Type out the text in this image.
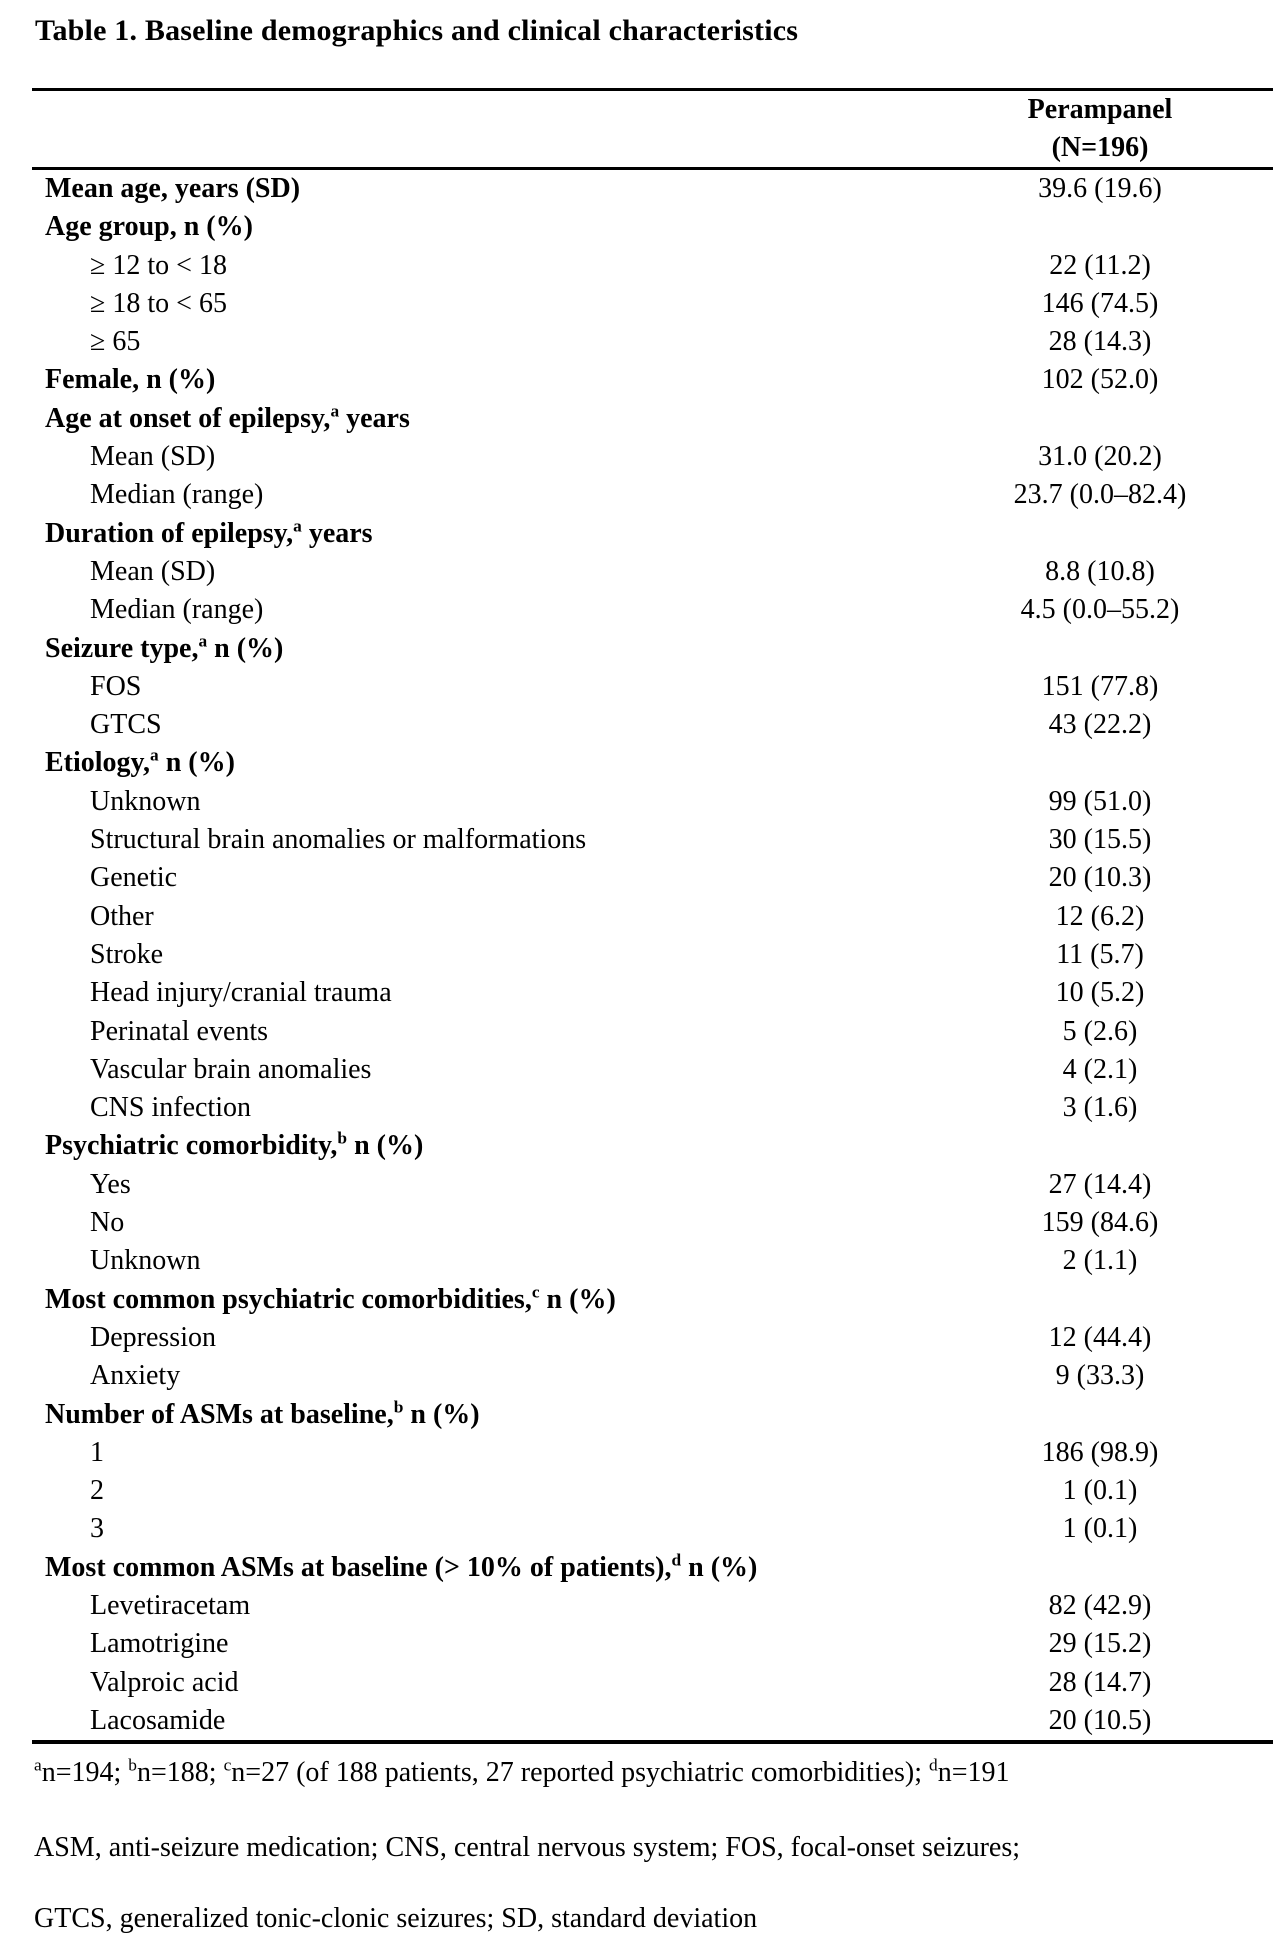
Table 1. Baseline demographics and clinical characteristics

	Perampanel
(N=196)

Mean age, years (SD)	39.6 (19.6)
Age group, n (%)	
≥ 12 to < 18	22 (11.2)
≥ 18 to < 65	146 (74.5)
≥ 65	28 (14.3)
Female, n (%)	102 (52.0)
Age at onset of epilepsy,$^a$ years	
Mean (SD)	31.0 (20.2)
Median (range)	23.7 (0.0–82.4)
Duration of epilepsy,$^a$ years	
Mean (SD)	8.8 (10.8)
Median (range)	4.5 (0.0–55.2)
Seizure type,$^a$ n (%)	
FOS	151 (77.8)
GTCS	43 (22.2)
Etiology,$^a$ n (%)	
Unknown	99 (51.0)
Structural brain anomalies or malformations	30 (15.5)
Genetic	20 (10.3)
Other	12 (6.2)
Stroke	11 (5.7)
Head injury/cranial trauma	10 (5.2)
Perinatal events	5 (2.6)
Vascular brain anomalies	4 (2.1)
CNS infection	3 (1.6)
Psychiatric comorbidity,$^b$ n (%)	
Yes	27 (14.4)
No	159 (84.6)
Unknown	2 (1.1)
Most common psychiatric comorbidities,$^c$ n (%)	
Depression	12 (44.4)
Anxiety	9 (33.3)
Number of ASMs at baseline,$^b$ n (%)	
1	186 (98.9)
2	1 (0.1)
3	1 (0.1)
Most common ASMs at baseline (> 10% of patients),$^d$ n (%)	
Levetiracetam	82 (42.9)
Lamotrigine	29 (15.2)
Valproic acid	28 (14.7)
Lacosamide	20 (10.5)
$^a$n=194; $^b$n=188; $^c$n=27 (of 188 patients, 27 reported psychiatric comorbidities); $^d$n=191
ASM, anti-seizure medication; CNS, central nervous system; FOS, focal-onset seizures;
GTCS, generalized tonic-clonic seizures; SD, standard deviation
